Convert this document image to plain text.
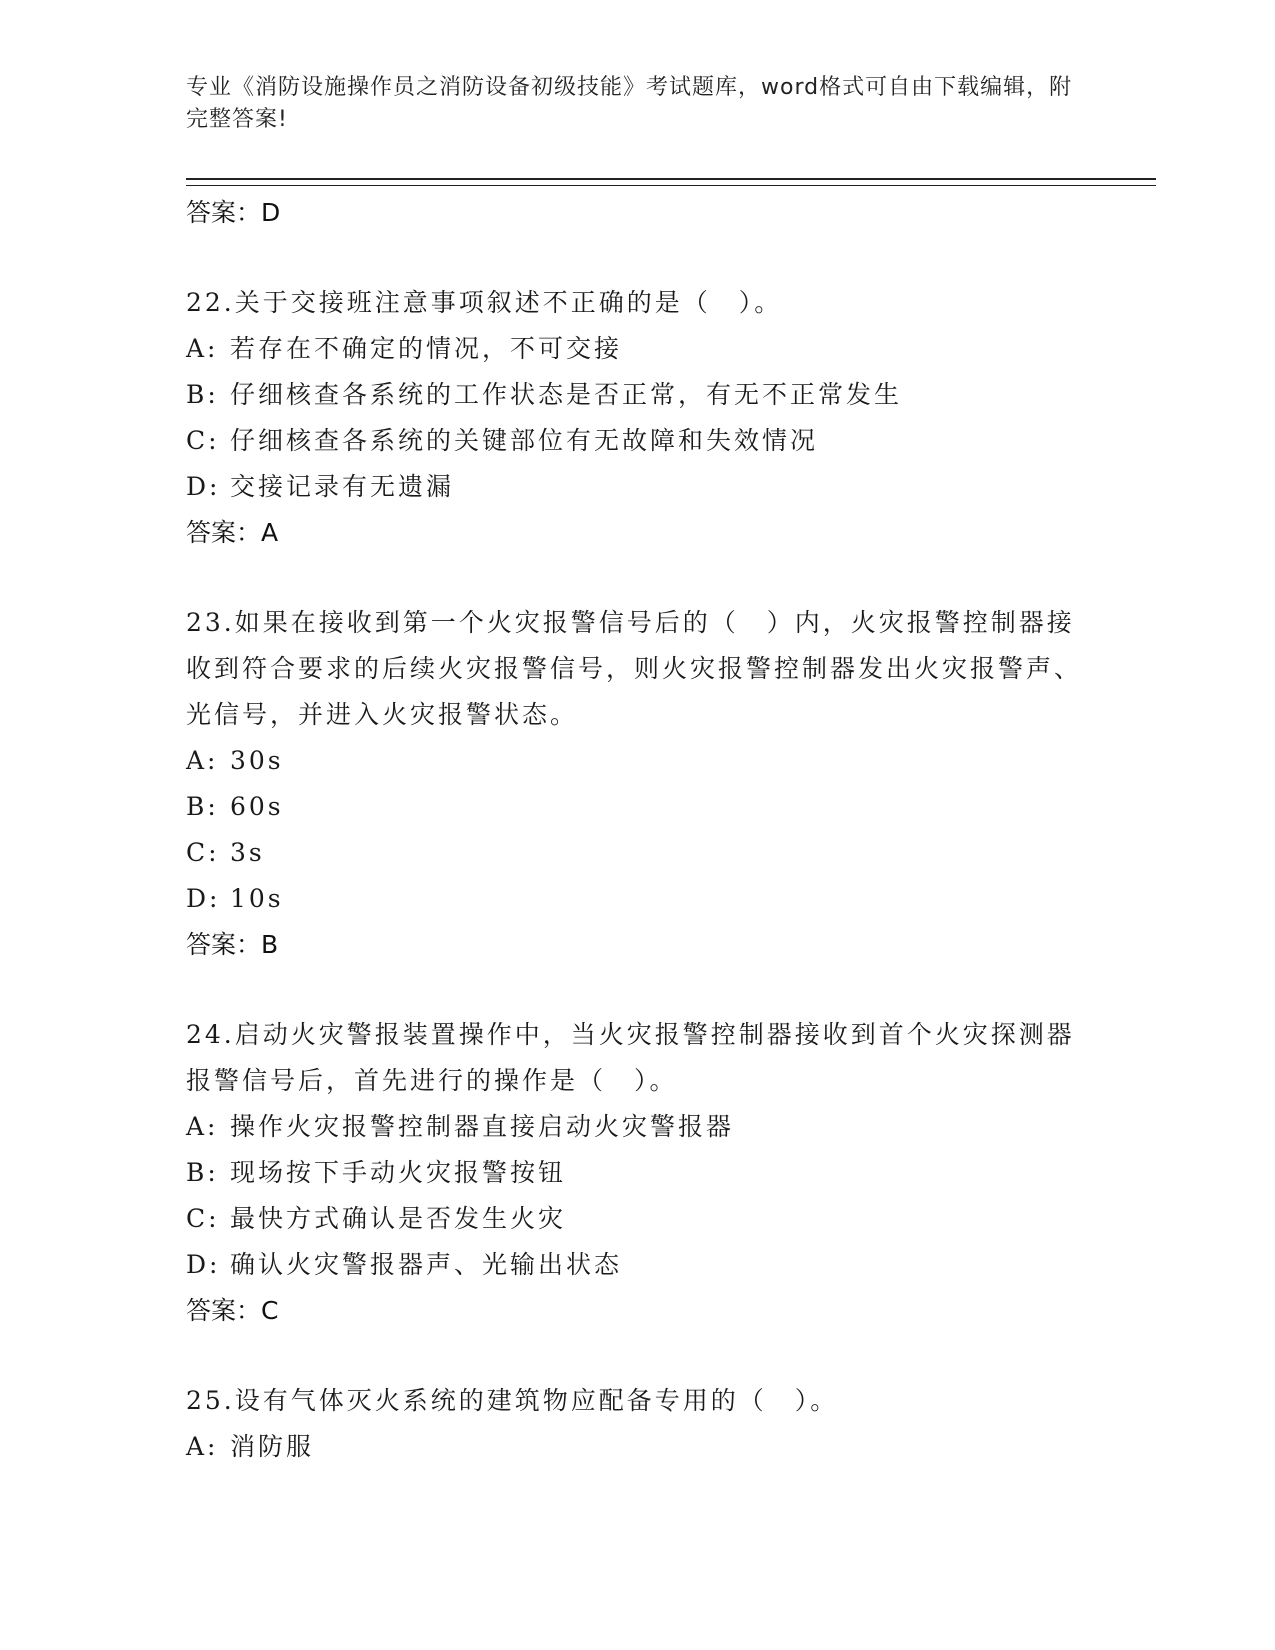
专业《消防设施操作员之消防设备初级技能》考试题库，word格式可自由下载编辑，附完整答案!
答案：D
22.关于交接班注意事项叙述不正确的是（　）。
A: 若存在不确定的情况，不可交接
B: 仔细核查各系统的工作状态是否正常，有无不正常发生
C: 仔细核查各系统的关键部位有无故障和失效情况
D: 交接记录有无遗漏
答案：A
23.如果在接收到第一个火灾报警信号后的（　）内，火灾报警控制器接收到符合要求的后续火灾报警信号，则火灾报警控制器发出火灾报警声、光信号，并进入火灾报警状态。
A: 30s
B: 60s
C: 3s
D: 10s
答案：B
24.启动火灾警报装置操作中，当火灾报警控制器接收到首个火灾探测器报警信号后，首先进行的操作是（　）。
A: 操作火灾报警控制器直接启动火灾警报器
B: 现场按下手动火灾报警按钮
C: 最快方式确认是否发生火灾
D: 确认火灾警报器声、光输出状态
答案：C
25.设有气体灭火系统的建筑物应配备专用的（　）。
A: 消防服
